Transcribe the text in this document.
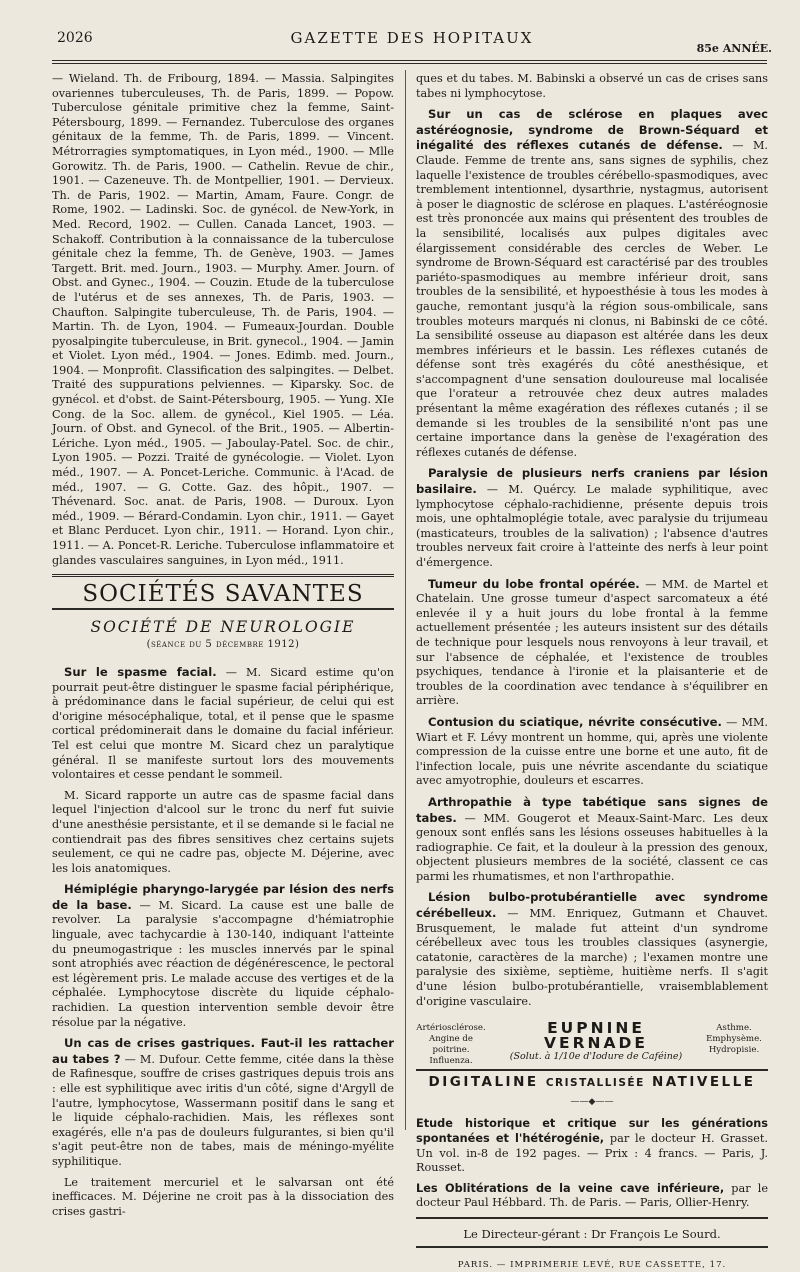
2026	GAZETTE DES HOPITAUX
85e ANNÉE.

— Wieland. Th. de Fribourg, 1894. — Massia. Salpingites ovariennes tuberculeuses, Th. de Paris, 1899. — Popow. Tuberculose génitale primitive chez la femme, Saint-Pétersbourg, 1899. — Fernandez. Tuberculose des organes génitaux de la femme, Th. de Paris, 1899. — Vincent. Métrorragies symptomatiques, in Lyon méd., 1900. — Mlle Gorowitz. Th. de Paris, 1900. — Cathelin. Revue de chir., 1901. — Cazeneuve. Th. de Montpellier, 1901. — Dervieux. Th. de Paris, 1902. — Martin, Amam, Faure. Congr. de Rome, 1902. — Ladinski. Soc. de gynécol. de New-York, in Med. Record, 1902. — Cullen. Canada Lancet, 1903. — Schakoff. Contribution à la connaissance de la tuberculose génitale chez la femme, Th. de Genève, 1903. — James Targett. Brit. med. Journ., 1903. — Murphy. Amer. Journ. of Obst. and Gynec., 1904. — Couzin. Etude de la tuberculose de l'utérus et de ses annexes, Th. de Paris, 1903. — Chaufton. Salpingite tuberculeuse, Th. de Paris, 1904. — Martin. Th. de Lyon, 1904. — Fumeaux-Jourdan. Double pyosalpingite tuberculeuse, in Brit. gynecol., 1904. — Jamin et Violet. Lyon méd., 1904. — Jones. Edimb. med. Journ., 1904. — Monprofit. Classification des salpingites. — Delbet. Traité des suppurations pelviennes. — Kiparsky. Soc. de gynécol. et d'obst. de Saint-Pétersbourg, 1905. — Yung. XIe Cong. de la Soc. allem. de gynécol., Kiel 1905. — Léa. Journ. of Obst. and Gynecol. of the Brit., 1905. — Albertin-Lériche. Lyon méd., 1905. — Jaboulay-Patel. Soc. de chir., Lyon 1905. — Pozzi. Traité de gynécologie. — Violet. Lyon méd., 1907. — A. Poncet-Leriche. Communic. à l'Acad. de méd., 1907. — G. Cotte. Gaz. des hôpit., 1907. — Thévenard. Soc. anat. de Paris, 1908. — Duroux. Lyon méd., 1909. — Bérard-Condamin. Lyon chir., 1911. — Gayet et Blanc Perducet. Lyon chir., 1911. — Horand. Lyon chir., 1911. — A. Poncet-R. Leriche. Tuberculose inflammatoire et glandes vasculaires sanguines, in Lyon méd., 1911.

SOCIÉTÉS SAVANTES
SOCIÉTÉ DE NEUROLOGIE
(séance du 5 décembre 1912)

Sur le spasme facial. — M. Sicard estime qu'on pourrait peut-être distinguer le spasme facial périphérique, à prédominance dans le facial supérieur, de celui qui est d'origine mésocéphalique, total, et il pense que le spasme cortical prédominerait dans le domaine du facial inférieur. Tel est celui que montre M. Sicard chez un paralytique général. Il se manifeste surtout lors des mouvements volontaires et cesse pendant le sommeil.

M. Sicard rapporte un autre cas de spasme facial dans lequel l'injection d'alcool sur le tronc du nerf fut suivie d'une anesthésie persistante, et il se demande si le facial ne contiendrait pas des fibres sensitives chez certains sujets seulement, ce qui ne cadre pas, objecte M. Déjerine, avec les lois anatomiques.

Hémiplégie pharyngo-larygée par lésion des nerfs de la base. — M. Sicard. La cause est une balle de revolver. La paralysie s'accompagne d'hémiatrophie linguale, avec tachycardie à 130-140, indiquant l'atteinte du pneumogastrique : les muscles innervés par le spinal sont atrophiés avec réaction de dégénérescence, le pectoral est légèrement pris. Le malade accuse des vertiges et de la céphalée. Lymphocytose discrète du liquide céphalo-rachidien. La question intervention semble devoir être résolue par la négative.

Un cas de crises gastriques. Faut-il les rattacher au tabes ? — M. Dufour. Cette femme, citée dans la thèse de Rafinesque, souffre de crises gastriques depuis trois ans : elle est syphilitique avec iritis d'un côté, signe d'Argyll de l'autre, lymphocytose, Wassermann positif dans le sang et le liquide céphalo-rachidien. Mais, les réflexes sont exagérés, elle n'a pas de douleurs fulgurantes, si bien qu'il s'agit peut-être non de tabes, mais de méningo-myélite syphilitique.

Le traitement mercuriel et le salvarsan ont été inefficaces. M. Déjerine ne croit pas à la dissociation des crises gastri-

ques et du tabes. M. Babinski a observé un cas de crises sans tabes ni lymphocytose.

Sur un cas de sclérose en plaques avec astéréognosie, syndrome de Brown-Séquard et inégalité des réflexes cutanés de défense. — M. Claude. Femme de trente ans, sans signes de syphilis, chez laquelle l'existence de troubles cérébello-spasmodiques, avec tremblement intentionnel, dysarthrie, nystagmus, autorisent à poser le diagnostic de sclérose en plaques. L'astéréognosie est très prononcée aux mains qui présentent des troubles de la sensibilité, localisés aux pulpes digitales avec élargissement considérable des cercles de Weber. Le syndrome de Brown-Séquard est caractérisé par des troubles pariéto-spasmodiques au membre inférieur droit, sans troubles de la sensibilité, et hypoesthésie à tous les modes à gauche, remontant jusqu'à la région sous-ombilicale, sans troubles moteurs marqués ni clonus, ni Babinski de ce côté. La sensibilité osseuse au diapason est altérée dans les deux membres inférieurs et le bassin. Les réflexes cutanés de défense sont très exagérés du côté anesthésique, et s'accompagnent d'une sensation douloureuse mal localisée que l'orateur a retrouvée chez deux autres malades présentant la même exagération des réflexes cutanés ; il se demande si les troubles de la sensibilité n'ont pas une certaine importance dans la genèse de l'exagération des réflexes cutanés de défense.

Paralysie de plusieurs nerfs craniens par lésion basilaire. — M. Quércy. Le malade syphilitique, avec lymphocytose céphalo-rachidienne, présente depuis trois mois, une ophtalmoplégie totale, avec paralysie du trijumeau (masticateurs, troubles de la salivation) ; l'absence d'autres troubles nerveux fait croire à l'atteinte des nerfs à leur point d'émergence.

Tumeur du lobe frontal opérée. — MM. de Martel et Chatelain. Une grosse tumeur d'aspect sarcomateux a été enlevée il y a huit jours du lobe frontal à la femme actuellement présentée ; les auteurs insistent sur des détails de technique pour lesquels nous renvoyons à leur travail, et sur l'absence de céphalée, et l'existence de troubles psychiques, tendance à l'ironie et la plaisanterie et de troubles de la coordination avec tendance à s'équilibrer en arrière.

Contusion du sciatique, névrite consécutive. — MM. Wiart et F. Lévy montrent un homme, qui, après une violente compression de la cuisse entre une borne et une auto, fit de l'infection locale, puis une névrite ascendante du sciatique avec amyotrophie, douleurs et escarres.

Arthropathie à type tabétique sans signes de tabes. — MM. Gougerot et Meaux-Saint-Marc. Les deux genoux sont enflés sans les lésions osseuses habituelles à la radiographie. Ce fait, et la douleur à la pression des genoux, objectent plusieurs membres de la société, classent ce cas parmi les rhumatismes, et non l'arthropathie.

Lésion bulbo-protubérantielle avec syndrome cérébelleux. — MM. Enriquez, Gutmann et Chauvet. Brusquement, le malade fut atteint d'un syndrome cérébelleux avec tous les troubles classiques (asynergie, catatonie, caractères de la marche) ; l'examen montre une paralysie des sixième, septième, huitième nerfs. Il s'agit d'une lésion bulbo-protubérantielle, vraisemblablement d'origine vasculaire.

Artériosclérose. Angine de poitrine. Influenza.
EUPNINE VERNADE
(Solut. à 1/10e d'Iodure de Caféine)
Asthme. Emphysème. Hydropisie.
DIGITALINE CRISTALLISÉE NATIVELLE
——◆——

Etude historique et critique sur les générations spontanées et l'hétérogénie, par le docteur H. Grasset. Un vol. in-8 de 192 pages. — Prix : 4 francs. — Paris, J. Rousset.

Les Oblitérations de la veine cave inférieure, par le docteur Paul Hébbard. Th. de Paris. — Paris, Ollier-Henry.

Le Directeur-gérant : Dr François Le Sourd.
PARIS. — IMPRIMERIE LEVÉ, RUE CASSETTE, 17.
